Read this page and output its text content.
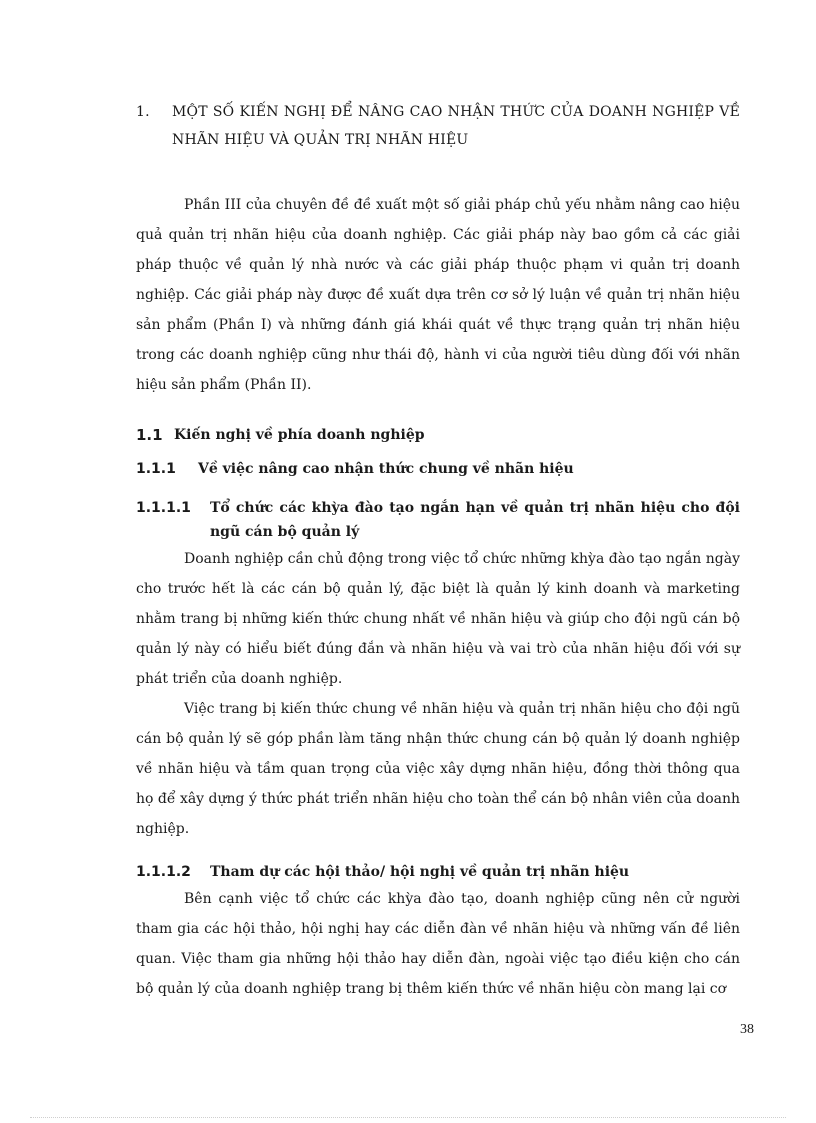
1.	MỘT SỐ KIẾN NGHỊ ĐỂ NÂNG CAO NHẬN THỨC CỦA DOANH NGHIỆP VỀ NHÃN HIỆU VÀ QUẢN TRỊ NHÃN HIỆU

Phần III của chuyên đề đề xuất một số giải pháp chủ yếu nhằm nâng cao hiệu quả quản trị nhãn hiệu của doanh nghiệp. Các giải pháp này bao gồm cả các giải pháp thuộc về quản lý nhà nước và các giải pháp thuộc phạm vi quản trị doanh nghiệp. Các giải pháp này được đề xuất dựa trên cơ sở lý luận về quản trị nhãn hiệu sản phẩm (Phần I) và những đánh giá khái quát về thực trạng quản trị nhãn hiệu trong các doanh nghiệp cũng như thái độ, hành vi của người tiêu dùng đối với nhãn hiệu sản phẩm (Phần II).

1.1 Kiến nghị về phía doanh nghiệp
1.1.1	Về việc nâng cao nhận thức chung về nhãn hiệu
1.1.1.1	Tổ chức các khỳa đào tạo ngắn hạn về quản trị nhãn hiệu cho đội ngũ cán bộ quản lý

Doanh nghiệp cần chủ động trong việc tổ chức những khỳa đào tạo ngắn ngày cho trước hết là các cán bộ quản lý, đặc biệt là quản lý kinh doanh và marketing nhằm trang bị những kiến thức chung nhất về nhãn hiệu và giúp cho đội ngũ cán bộ quản lý này có hiểu biết đúng đắn và nhãn hiệu và vai trò của nhãn hiệu đối với sự phát triển của doanh nghiệp.

Việc trang bị kiến thức chung về nhãn hiệu và quản trị nhãn hiệu cho đội ngũ cán bộ quản lý sẽ góp phần làm tăng nhận thức chung cán bộ quản lý doanh nghiệp về nhãn hiệu và tầm quan trọng của việc xây dựng nhãn hiệu, đồng thời thông qua họ để xây dựng ý thức phát triển nhãn hiệu cho toàn thể cán bộ nhân viên của doanh nghiệp.

1.1.1.2	Tham dự các hội thảo/ hội nghị về quản trị nhãn hiệu

Bên cạnh việc tổ chức các khỳa đào tạo, doanh nghiệp cũng nên cử người tham gia các hội thảo, hội nghị hay các diễn đàn về nhãn hiệu và những vấn đề liên quan. Việc tham gia những hội thảo hay diễn đàn, ngoài việc tạo điều kiện cho cán bộ quản lý của doanh nghiệp trang bị thêm kiến thức về nhãn hiệu còn mang lại cơ

38
